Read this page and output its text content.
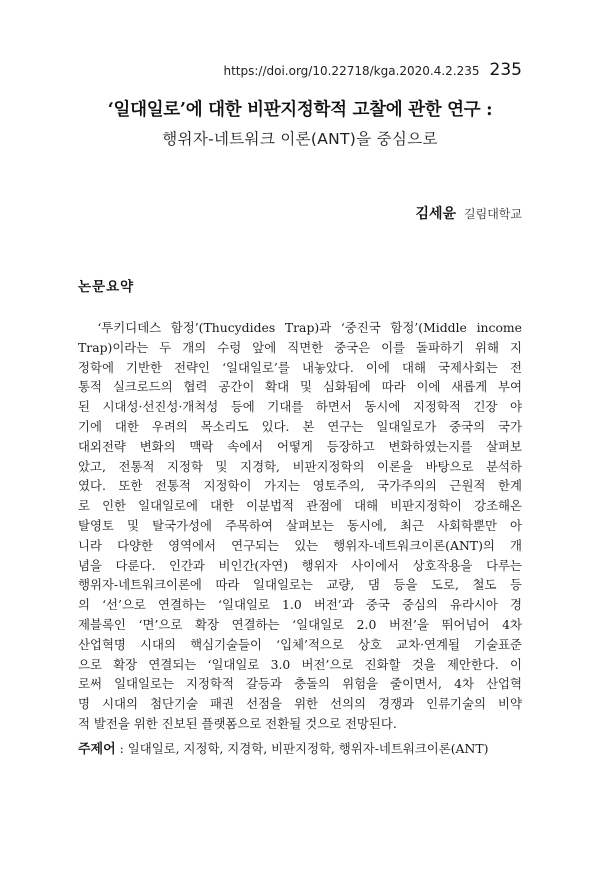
https://doi.org/10.22718/kga.2020.4.2.235 235
‘일대일로’에 대한 비판지정학적 고찰에 관한 연구 :
행위자-네트워크 이론(ANT)을 중심으로
김세윤 길림대학교
논문요약
‘투키디데스 함정’(Thucydides Trap)과 ‘중진국 함정’(Middle income
Trap)이라는 두 개의 수렁 앞에 직면한 중국은 이를 돌파하기 위해 지
정학에 기반한 전략인 ‘일대일로’를 내놓았다. 이에 대해 국제사회는 전
통적 실크로드의 협력 공간이 확대 및 심화됨에 따라 이에 새롭게 부여
된 시대성·선진성·개척성 등에 기대를 하면서 동시에 지정학적 긴장 야
기에 대한 우려의 목소리도 있다. 본 연구는 일대일로가 중국의 국가
대외전략 변화의 맥락 속에서 어떻게 등장하고 변화하였는지를 살펴보
았고, 전통적 지정학 및 지경학, 비판지정학의 이론을 바탕으로 분석하
였다. 또한 전통적 지정학이 가지는 영토주의, 국가주의의 근원적 한계
로 인한 일대일로에 대한 이분법적 관점에 대해 비판지정학이 강조해온
탈영토 및 탈국가성에 주목하여 살펴보는 동시에, 최근 사회학뿐만 아
니라 다양한 영역에서 연구되는 있는 행위자-네트워크이론(ANT)의 개
념을 다룬다. 인간과 비인간(자연) 행위자 사이에서 상호작용을 다루는
행위자-네트워크이론에 따라 일대일로는 교량, 댐 등을 도로, 철도 등
의 ‘선’으로 연결하는 ‘일대일로 1.0 버전’과 중국 중심의 유라시아 경
제블록인 ‘면’으로 확장 연결하는 ‘일대일로 2.0 버전’을 뛰어넘어 4차
산업혁명 시대의 핵심기술들이 ‘입체’적으로 상호 교차·연계될 기술표준
으로 확장 연결되는 ‘일대일로 3.0 버전’으로 진화할 것을 제안한다. 이
로써 일대일로는 지정학적 갈등과 충돌의 위험을 줄이면서, 4차 산업혁
명 시대의 첨단기술 패권 선점을 위한 선의의 경쟁과 인류기술의 비약
적 발전을 위한 진보된 플랫폼으로 전환될 것으로 전망된다.
주제어 : 일대일로, 지정학, 지경학, 비판지정학, 행위자-네트워크이론(ANT)
